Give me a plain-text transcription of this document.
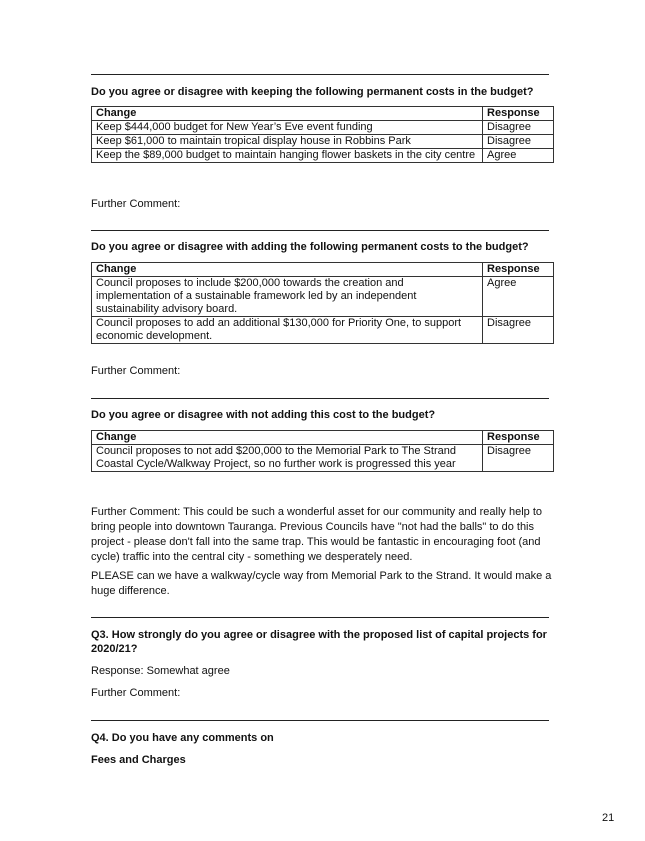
Do you agree or disagree with keeping the following permanent costs in the budget?
Change	Response
Keep $444,000 budget for New Year’s Eve event funding	Disagree
Keep $61,000 to maintain tropical display house in Robbins Park	Disagree
Keep the $89,000 budget to maintain hanging flower baskets in the city centre	Agree
Further Comment:
Do you agree or disagree with adding the following permanent costs to the budget?
Change	Response
Council proposes to include $200,000 towards the creation and implementation of a sustainable framework led by an independent sustainability advisory board.	Agree
Council proposes to add an additional $130,000 for Priority One, to support economic development.	Disagree
Further Comment:
Do you agree or disagree with not adding this cost to the budget?
Change	Response
Council proposes to not add $200,000 to the Memorial Park to The Strand Coastal Cycle/Walkway Project, so no further work is progressed this year	Disagree
Further Comment: This could be such a wonderful asset for our community and really help to bring people into downtown Tauranga. Previous Councils have "not had the balls" to do this project - please don't fall into the same trap. This would be fantastic in encouraging foot (and cycle) traffic into the central city - something we desperately need.
PLEASE can we have a walkway/cycle way from Memorial Park to the Strand. It would make a huge difference.
Q3. How strongly do you agree or disagree with the proposed list of capital projects for 2020/21?
Response: Somewhat agree
Further Comment:
Q4. Do you have any comments on
Fees and Charges
21
